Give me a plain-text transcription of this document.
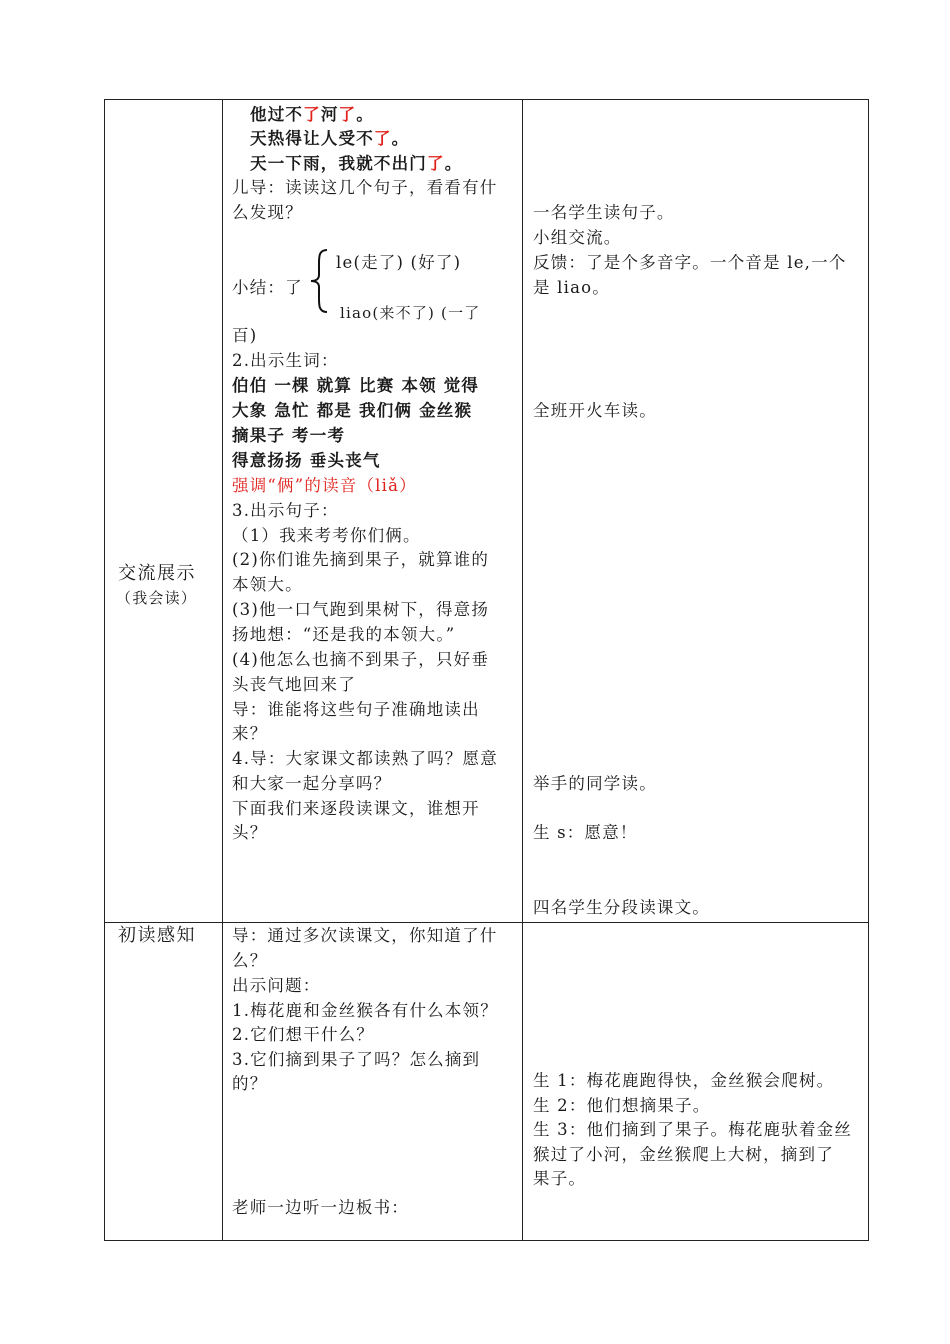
交流展示
（我会读）
他过不了河了。
天热得让人受不了。
天一下雨，我就不出门了。
儿导：读读这几个句子，看看有什
么发现？
小结：了
le(走了) (好了)
liao(来不了) (一了
百)
2.出示生词：
伯伯 一棵 就算 比赛 本领 觉得
大象 急忙 都是 我们俩 金丝猴
摘果子 考一考
得意扬扬 垂头丧气
强调“俩”的读音（liǎ）
3.出示句子：
（1）我来考考你们俩。
(2)你们谁先摘到果子，就算谁的
本领大。
(3)他一口气跑到果树下，得意扬
扬地想：“还是我的本领大。”
(4)他怎么也摘不到果子，只好垂
头丧气地回来了
导：谁能将这些句子准确地读出
来？
4.导：大家课文都读熟了吗？愿意
和大家一起分享吗？
下面我们来逐段读课文，谁想开
头？
一名学生读句子。
小组交流。
反馈：了是个多音字。一个音是 le,一个
是 liao。
全班开火车读。
举手的同学读。
生 s：愿意！
四名学生分段读课文。
初读感知 导：通过多次读课文，你知道了什
么？
出示问题：
1.梅花鹿和金丝猴各有什么本领？
2.它们想干什么？
3.它们摘到果子了吗？怎么摘到
的？
老师一边听一边板书：
生 1：梅花鹿跑得快，金丝猴会爬树。
生 2：他们想摘果子。
生 3：他们摘到了果子。梅花鹿驮着金丝
猴过了小河，金丝猴爬上大树，摘到了
果子。
